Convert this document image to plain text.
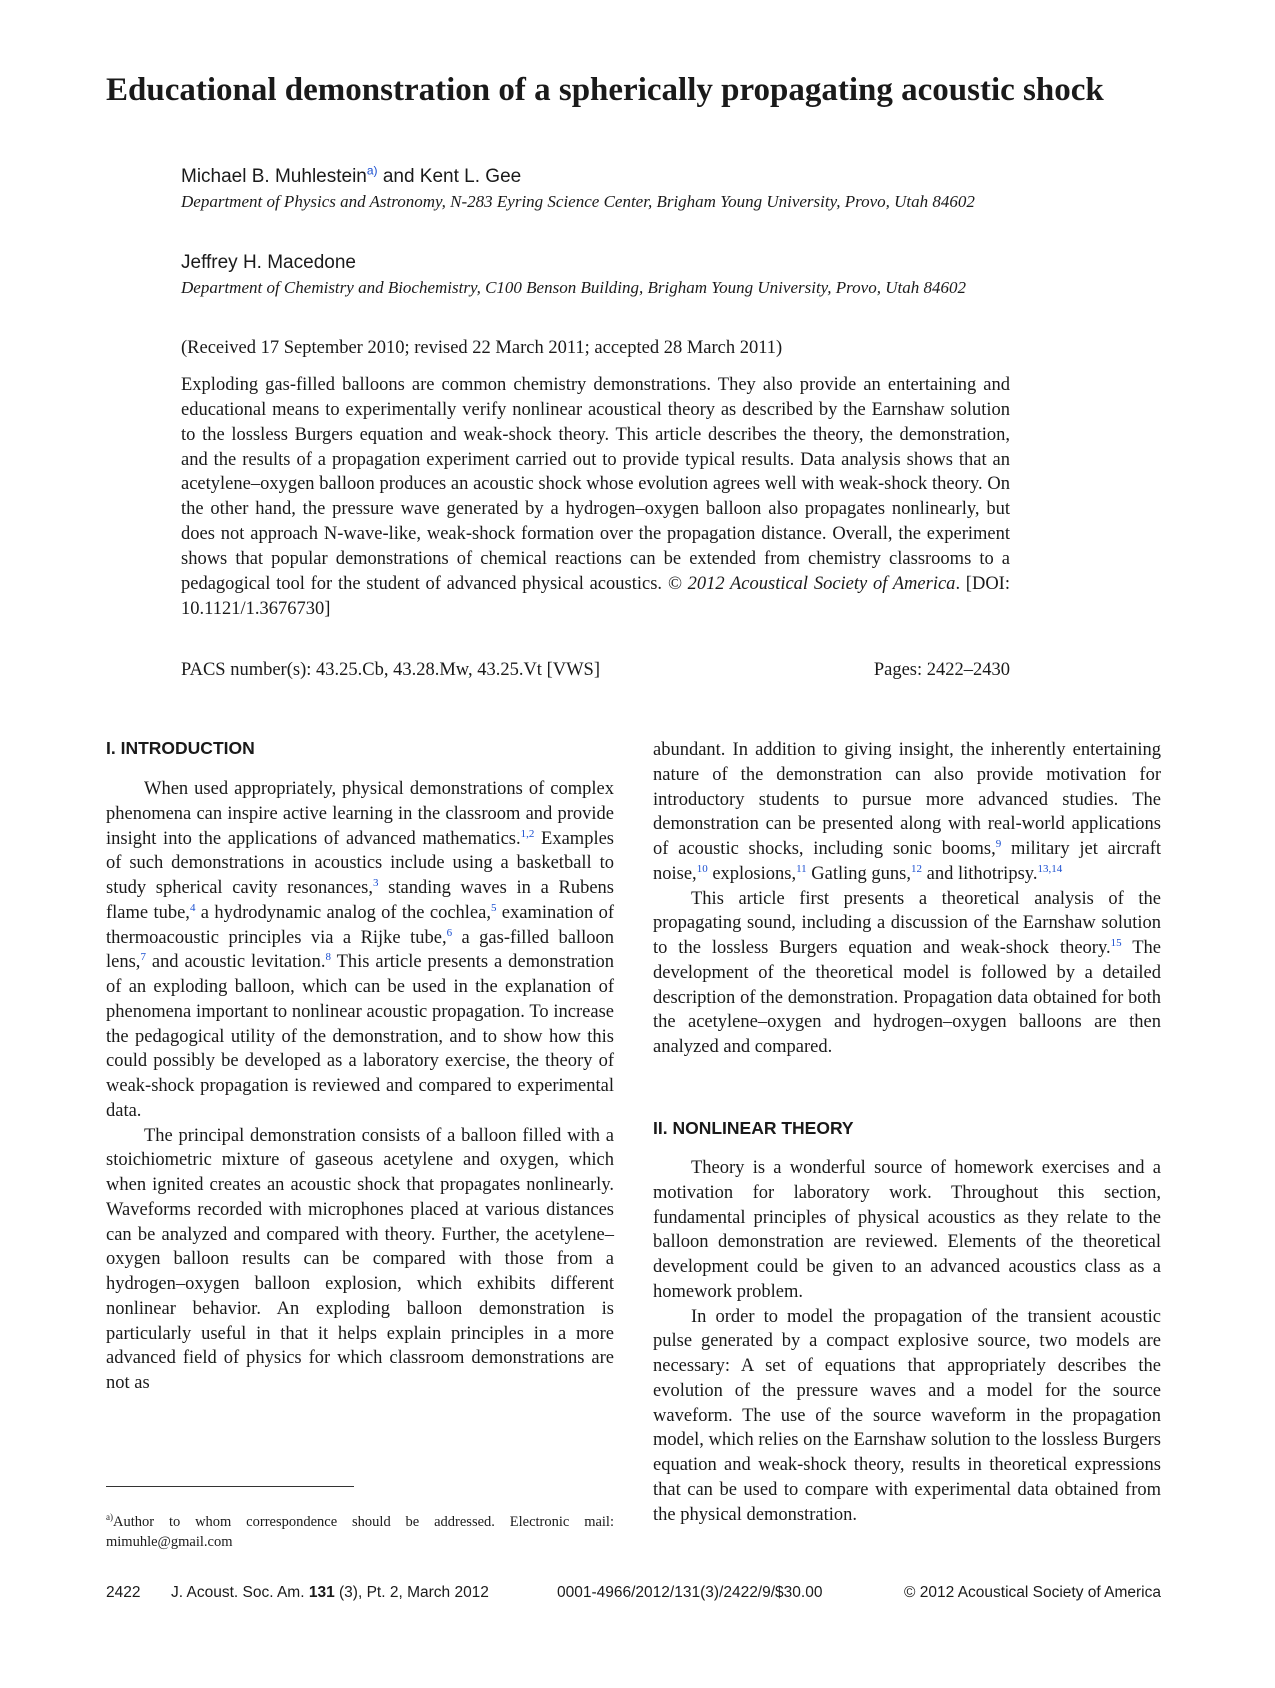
Educational demonstration of a spherically propagating acoustic shock
Michael B. Muhlestein$^{a)}$ and Kent L. Gee
Department of Physics and Astronomy, N-283 Eyring Science Center, Brigham Young University, Provo, Utah 84602
Jeffrey H. Macedone
Department of Chemistry and Biochemistry, C100 Benson Building, Brigham Young University, Provo, Utah 84602
(Received 17 September 2010; revised 22 March 2011; accepted 28 March 2011)

Exploding gas-filled balloons are common chemistry demonstrations. They also provide an entertaining and educational means to experimentally verify nonlinear acoustical theory as described by the Earnshaw solution to the lossless Burgers equation and weak-shock theory. This article describes the theory, the demonstration, and the results of a propagation experiment carried out to provide typical results. Data analysis shows that an acetylene–oxygen balloon produces an acoustic shock whose evolution agrees well with weak-shock theory. On the other hand, the pressure wave generated by a hydrogen–oxygen balloon also propagates nonlinearly, but does not approach N-wave-like, weak-shock formation over the propagation distance. Overall, the experiment shows that popular demonstrations of chemical reactions can be extended from chemistry classrooms to a pedagogical tool for the student of advanced physical acoustics. © 2012 Acoustical Society of America. [DOI: 10.1121/1.3676730]

PACS number(s): 43.25.Cb, 43.28.Mw, 43.25.Vt [VWS]	Pages: 2422–2430
I. INTRODUCTION

When used appropriately, physical demonstrations of complex phenomena can inspire active learning in the classroom and provide insight into the applications of advanced mathematics.$^{1,2}$ Examples of such demonstrations in acoustics include using a basketball to study spherical cavity resonances,$^3$ standing waves in a Rubens flame tube,$^4$ a hydrodynamic analog of the cochlea,$^5$ examination of thermoacoustic principles via a Rijke tube,$^6$ a gas-filled balloon lens,$^7$ and acoustic levitation.$^8$ This article presents a demonstration of an exploding balloon, which can be used in the explanation of phenomena important to nonlinear acoustic propagation. To increase the pedagogical utility of the demonstration, and to show how this could possibly be developed as a laboratory exercise, the theory of weak-shock propagation is reviewed and compared to experimental data.

The principal demonstration consists of a balloon filled with a stoichiometric mixture of gaseous acetylene and oxygen, which when ignited creates an acoustic shock that propagates nonlinearly. Waveforms recorded with microphones placed at various distances can be analyzed and compared with theory. Further, the acetylene–oxygen balloon results can be compared with those from a hydrogen–oxygen balloon explosion, which exhibits different nonlinear behavior. An exploding balloon demonstration is particularly useful in that it helps explain principles in a more advanced field of physics for which classroom demonstrations are not as

$^{a)}$Author to whom correspondence should be addressed. Electronic mail: mimuhle@gmail.com

abundant. In addition to giving insight, the inherently entertaining nature of the demonstration can also provide motivation for introductory students to pursue more advanced studies. The demonstration can be presented along with real-world applications of acoustic shocks, including sonic booms,$^9$ military jet aircraft noise,$^{10}$ explosions,$^{11}$ Gatling guns,$^{12}$ and lithotripsy.$^{13,14}$

This article first presents a theoretical analysis of the propagating sound, including a discussion of the Earnshaw solution to the lossless Burgers equation and weak-shock theory.$^{15}$ The development of the theoretical model is followed by a detailed description of the demonstration. Propagation data obtained for both the acetylene–oxygen and hydrogen–oxygen balloons are then analyzed and compared.

II. NONLINEAR THEORY

Theory is a wonderful source of homework exercises and a motivation for laboratory work. Throughout this section, fundamental principles of physical acoustics as they relate to the balloon demonstration are reviewed. Elements of the theoretical development could be given to an advanced acoustics class as a homework problem.

In order to model the propagation of the transient acoustic pulse generated by a compact explosive source, two models are necessary: A set of equations that appropriately describes the evolution of the pressure waves and a model for the source waveform. The use of the source waveform in the propagation model, which relies on the Earnshaw solution to the lossless Burgers equation and weak-shock theory, results in theoretical expressions that can be used to compare with experimental data obtained from the physical demonstration.

2422 J. Acoust. Soc. Am. 131 (3), Pt. 2, March 2012	0001-4966/2012/131(3)/2422/9/$30.00	© 2012 Acoustical Society of America
